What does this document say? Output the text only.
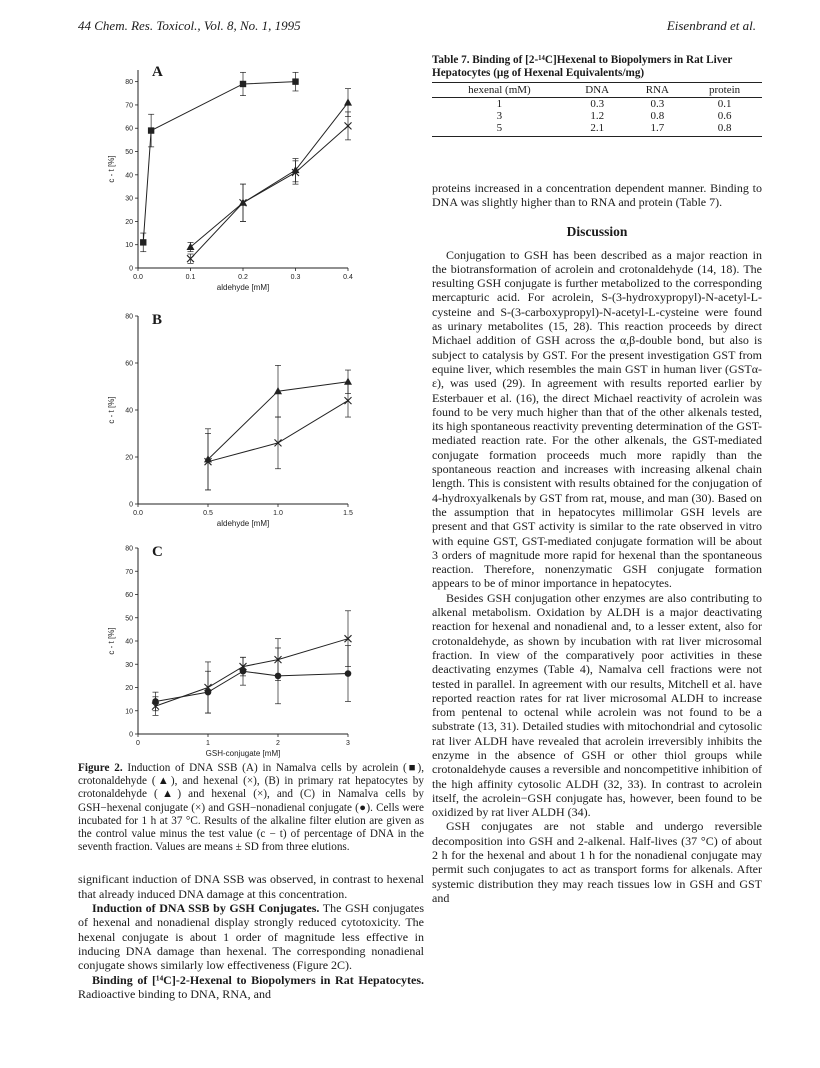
44 Chem. Res. Toxicol., Vol. 8, No. 1, 1995	Eisenbrand et al.
0
10
20
30
40
50
60
70
80
0.0	0.1	0.2	0.3	0.4
aldehyde [mM]
c - t [%]
A
0
20
40
60
80
0.0	0.5	1.0	1.5
aldehyde [mM]
c - t [%]
B
0
10
20
30
40
50
60
70
80
0	1	2	3
GSH-conjugate [mM]
c - t [%]
C
Figure 2. Induction of DNA SSB (A) in Namalva cells by acrolein (■), crotonaldehyde (▲), and hexenal (×), (B) in primary rat hepatocytes by crotonaldehyde (▲) and hexenal (×), and (C) in Namalva cells by GSH−hexenal conjugate (×) and GSH−nonadienal conjugate (●). Cells were incubated for 1 h at 37 °C. Results of the alkaline filter elution are given as the control value minus the test value (c − t) of percentage of DNA in the seventh fraction. Values are means ± SD from three elutions.

significant induction of DNA SSB was observed, in contrast to hexenal that already induced DNA damage at this concentration.

Induction of DNA SSB by GSH Conjugates. The GSH conjugates of hexenal and nonadienal display strongly reduced cytotoxicity. The hexenal conjugate is about 1 order of magnitude less effective in inducing DNA damage than hexenal. The corresponding nonadienal conjugate shows similarly low effectiveness (Figure 2C).

Binding of [¹⁴C]-2-Hexenal to Biopolymers in Rat Hepatocytes. Radioactive binding to DNA, RNA, and

Table 7. Binding of [2-¹⁴C]Hexenal to Biopolymers in Rat Liver Hepatocytes (µg of Hexenal Equivalents/mg)
hexenal (mM)	DNA	RNA	protein
1	0.3	0.3	0.1
3	1.2	0.8	0.6
5	2.1	1.7	0.8

proteins increased in a concentration dependent manner. Binding to DNA was slightly higher than to RNA and protein (Table 7).

Discussion

Conjugation to GSH has been described as a major reaction in the biotransformation of acrolein and crotonaldehyde (14, 18). The resulting GSH conjugate is further metabolized to the corresponding mercapturic acid. For acrolein, S-(3-hydroxypropyl)-N-acetyl-L-cysteine and S-(3-carboxypropyl)-N-acetyl-L-cysteine were found as urinary metabolites (15, 28). This reaction proceeds by direct Michael addition of GSH across the α,β-double bond, but also is subject to catalysis by GST. For the present investigation GST from equine liver, which resembles the main GST in human liver (GSTα-ε), was used (29). In agreement with results reported earlier by Esterbauer et al. (16), the direct Michael reactivity of acrolein was found to be very much higher than that of the other alkenals tested, its high spontaneous reactivity preventing determination of the GST-mediated reaction rate. For the other alkenals, the GST-mediated conjugate formation proceeds much more rapidly than the spontaneous reaction and increases with increasing alkenal chain length. This is consistent with results obtained for the conjugation of 4-hydroxyalkenals by GST from rat, mouse, and man (30). Based on the assumption that in hepatocytes millimolar GSH levels are present and that GST activity is similar to the rate observed in vitro with equine GST, GST-mediated conjugate formation will be about 3 orders of magnitude more rapid for hexenal than the spontaneous reaction. Therefore, nonenzymatic GSH conjugate formation appears to be of minor importance in hepatocytes.

Besides GSH conjugation other enzymes are also contributing to alkenal metabolism. Oxidation by ALDH is a major deactivating reaction for hexenal and nonadienal and, to a lesser extent, also for crotonaldehyde, as shown by incubation with rat liver microsomal fraction. In view of the comparatively poor activities in these deactivating enzymes (Table 4), Namalva cell fractions were not tested in parallel. In agreement with our results, Mitchell et al. have reported reaction rates for rat liver microsomal ALDH to increase from pentenal to octenal while acrolein was not found to be a substrate (13, 31). Detailed studies with mitochondrial and cytosolic rat liver ALDH have revealed that acrolein irreversibly inhibits the enzyme in the absence of GSH or other thiol groups while crotonaldehyde causes a reversible and noncompetitive inhibition of the high affinity cytosolic ALDH (32, 33). In contrast to acrolein itself, the acrolein−GSH conjugate has, however, been found to be oxidized by rat liver ALDH (34).

GSH conjugates are not stable and undergo reversible decomposition into GSH and 2-alkenal. Half-lives (37 °C) of about 2 h for the hexenal and about 1 h for the nonadienal conjugate may permit such conjugates to act as transport forms for alkenals. After systemic distribution they may reach tissues low in GSH and GST and
